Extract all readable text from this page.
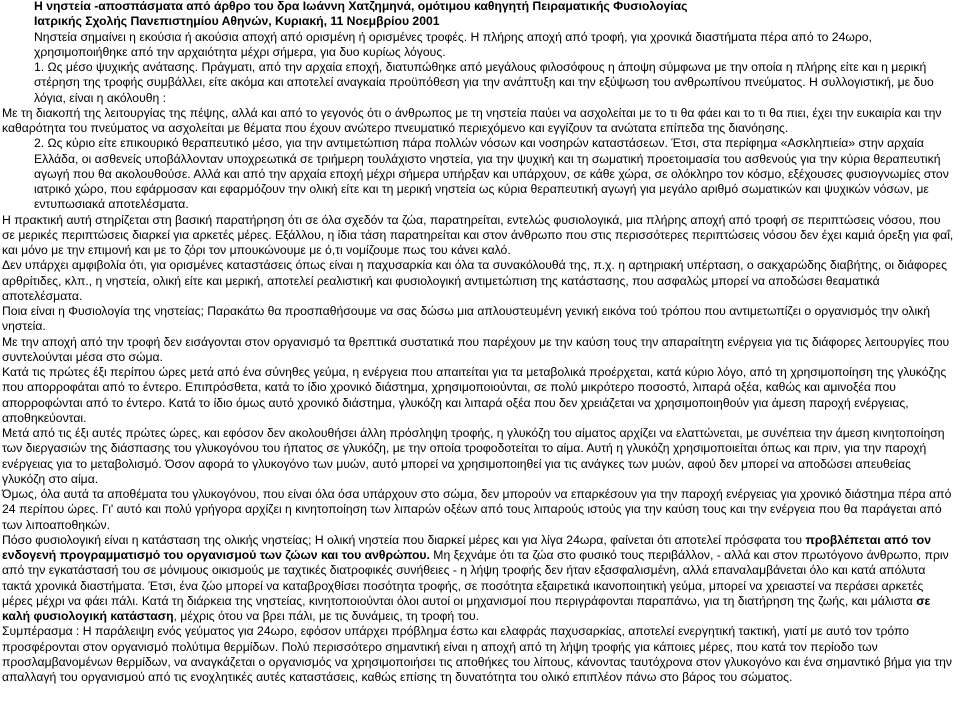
Η νηστεία -αποσπάσματα από άρθρο του δρα Ιωάννη Χατζημηνά, ομότιμου καθηγητή Πειραματικής Φυσιολογίας
Ιατρικής Σχολής Πανεπιστημίου Αθηνών, Κυριακή, 11 Νοεμβρίου 2001

Νηστεία σημαίνει η εκούσια ή ακούσια αποχή από ορισμένη ή ορισμένες τροφές. Η πλήρης αποχή από τροφή, για χρονικά διαστήματα πέρα από το 24ωρο, χρησιμοποιήθηκε από την αρχαιότητα μέχρι σήμερα, για δυο κυρίως λόγους.

1. Ως μέσο ψυχικής ανάτασης. Πράγματι, από την αρχαία εποχή, διατυπώθηκε από μεγάλους φιλοσόφους η άποψη σύμφωνα με την οποία η πλήρης είτε και η μερική στέρηση της τροφής συμβάλλει, είτε ακόμα και αποτελεί αναγκαία προϋπόθεση για την ανάπτυξη και την εξύψωση του ανθρωπίνου πνεύματος. Η συλλογιστική, με δυο λόγια, είναι η ακόλουθη :

Με τη διακοπή της λειτουργίας της πέψης, αλλά και από το γεγονός ότι ο άνθρωπος με τη νηστεία παύει να ασχολείται με το τι θα φάει και το τι θα πιει, έχει την ευκαιρία και την καθαρότητα του πνεύματος να ασχολείται με θέματα που έχουν ανώτερο πνευματικό περιεχόμενο και εγγίζουν τα ανώτατα επίπεδα της διανόησης.

2. Ως κύριο είτε επικουρικό θεραπευτικό μέσο, για την αντιμετώπιση πάρα πολλών νόσων και νοσηρών καταστάσεων. Έτσι, στα περίφημα «Ασκληπιεία» στην αρχαία Ελλάδα, οι ασθενείς υποβάλλονταν υποχρεωτικά σε τριήμερη τουλάχιστο νηστεία, για την ψυχική και τη σωματική προετοιμασία του ασθενούς για την κύρια θεραπευτική αγωγή που θα ακολουθούσε. Αλλά και από την αρχαία εποχή μέχρι σήμερα υπήρξαν και υπάρχουν, σε κάθε χώρα, σε ολόκληρο τον κόσμο, εξέχουσες φυσιογνωμίες στον ιατρικό χώρο, που εφάρμοσαν και εφαρμόζουν την ολική είτε και τη μερική νηστεία ως κύρια θεραπευτική αγωγή για μεγάλο αριθμό σωματικών και ψυχικών νόσων, με εντυπωσιακά αποτελέσματα.

Η πρακτική αυτή στηρίζεται στη βασική παρατήρηση ότι σε όλα σχεδόν τα ζώα, παρατηρείται, εντελώς φυσιολογικά, μια πλήρης αποχή από τροφή σε περιπτώσεις νόσου, που σε μερικές περιπτώσεις διαρκεί για αρκετές μέρες. Εξάλλου, η ίδια τάση παρατηρείται και στον άνθρωπο που στις περισσότερες περιπτώσεις νόσου δεν έχει καμιά όρεξη για φαΐ, και μόνο με την επιμονή και με το ζόρι τον μπουκώνουμε με ό,τι νομίζουμε πως του κάνει καλό.

Δεν υπάρχει αμφιβολία ότι, για ορισμένες καταστάσεις όπως είναι η παχυσαρκία και όλα τα συνακόλουθά της, π.χ. η αρτηριακή υπέρταση, ο σακχαρώδης διαβήτης, οι διάφορες αρθρίτιδες, κλπ., η νηστεία, ολική είτε και μερική, αποτελεί ρεαλιστική και φυσιολογική αντιμετώπιση της κατάστασης, που ασφαλώς μπορεί να αποδώσει θεαματικά αποτελέσματα.

Ποια είναι η Φυσιολογία της νηστείας; Παρακάτω θα προσπαθήσουμε να σας δώσω μια απλουστευμένη γενική εικόνα τού τρόπου που αντιμετωπίζει ο οργανισμός την ολική νηστεία.

Με την αποχή από την τροφή δεν εισάγονται στον οργανισμό τα θρεπτικά συστατικά που παρέχουν με την καύση τους την απαραίτητη ενέργεια για τις διάφορες λειτουργίες που συντελούνται μέσα στο σώμα.

Κατά τις πρώτες έξι περίπου ώρες μετά από ένα σύνηθες γεύμα, η ενέργεια που απαιτείται για τα μεταβολικά προέρχεται, κατά κύριο λόγο, από τη χρησιμοποίηση της γλυκόζης που απορροφάται από το έντερο. Επιπρόσθετα, κατά το ίδιο χρονικό διάστημα, χρησιμοποιούνται, σε πολύ μικρότερο ποσοστό, λιπαρά οξέα, καθώς και αμινοξέα που απορροφώνται από το έντερο. Κατά το ίδιο όμως αυτό χρονικό διάστημα, γλυκόζη και λιπαρά οξέα που δεν χρειάζεται να χρησιμοποιηθούν για άμεση παροχή ενέργειας, αποθηκεύονται.

Μετά από τις έξι αυτές πρώτες ώρες, και εφόσον δεν ακολουθήσει άλλη πρόσληψη τροφής, η γλυκόζη του αίματος αρχίζει να ελαττώνεται, με συνέπεια την άμεση κινητοποίηση των διεργασιών της διάσπασης του γλυκογόνου του ήπατος σε γλυκόζη, με την οποία τροφοδοτείται το αίμα. Αυτή η γλυκόζη χρησιμοποιείται όπως και πριν, για την παροχή ενέργειας για το μεταβολισμό. Όσον αφορά το γλυκογόνο των μυών, αυτό μπορεί να χρησιμοποιηθεί για τις ανάγκες των μυών, αφού δεν μπορεί να αποδώσει απευθείας γλυκόζη στο αίμα.

Όμως, όλα αυτά τα αποθέματα του γλυκογόνου, που είναι όλα όσα υπάρχουν στο σώμα, δεν μπορούν να επαρκέσουν για την παροχή ενέργειας για χρονικό διάστημα πέρα από 24 περίπου ώρες. Γι' αυτό και πολύ γρήγορα αρχίζει η κινητοποίηση των λιπαρών οξέων από τους λιπαρούς ιστούς για την καύση τους και την ενέργεια που θα παράγεται από των λιποαποθηκών.

Πόσο φυσιολογική είναι η κατάσταση της ολικής νηστείας; Η ολική νηστεία που διαρκεί μέρες και για λίγα 24ωρα, φαίνεται ότι αποτελεί πρόσφατα του προβλέπεται από τον ενδογενή προγραμματισμό του οργανισμού των ζώων και του ανθρώπου. Μη ξεχνάμε ότι τα ζώα στο φυσικό τους περιβάλλον, - αλλά και στον πρωτόγονο άνθρωπο, πριν από την εγκατάστασή του σε μόνιμους οικισμούς με ταχτικές διατροφικές συνήθειες - η λήψη τροφής δεν ήταν εξασφαλισμένη, αλλά επαναλαμβάνεται όλο και κατά απόλυτα τακτά χρονικά διαστήματα. Έτσι, ένα ζώο μπορεί να καταβροχθίσει ποσότητα τροφής, σε ποσότητα εξαιρετικά ικανοποιητική γεύμα, μπορεί να χρειαστεί να περάσει αρκετές μέρες μέχρι να φάει πάλι. Κατά τη διάρκεια της νηστείας, κινητοποιούνται όλοι αυτοί οι μηχανισμοί που περιγράφονται παραπάνω, για τη διατήρηση της ζωής, και μάλιστα σε καλή φυσιολογική κατάσταση, μέχρις ότου να βρει πάλι, με τις δυνάμεις, τη τροφή του.

Συμπέρασμα : Η παράλειψη ενός γεύματος για 24ωρο, εφόσον υπάρχει πρόβλημα έστω και ελαφράς παχυσαρκίας, αποτελεί ενεργητική τακτική, γιατί με αυτό τον τρόπο προσφέρονται στον οργανισμό πολύτιμα θερμίδων. Πολύ περισσότερο σημαντική είναι η αποχή από τη λήψη τροφής για κάποιες μέρες, που κατά τον περίοδο των προσλαμβανομένων θερμίδων, να αναγκάζεται ο οργανισμός να χρησιμοποιήσει τις αποθήκες του λίπους, κάνοντας ταυτόχρονα στον γλυκογόνο και ένα σημαντικό βήμα για την απαλλαγή του οργανισμού από τις ενοχλητικές αυτές καταστάσεις, καθώς επίσης τη δυνατότητα του ολικό επιπλέον πάνω στο βάρος του σώματος.
